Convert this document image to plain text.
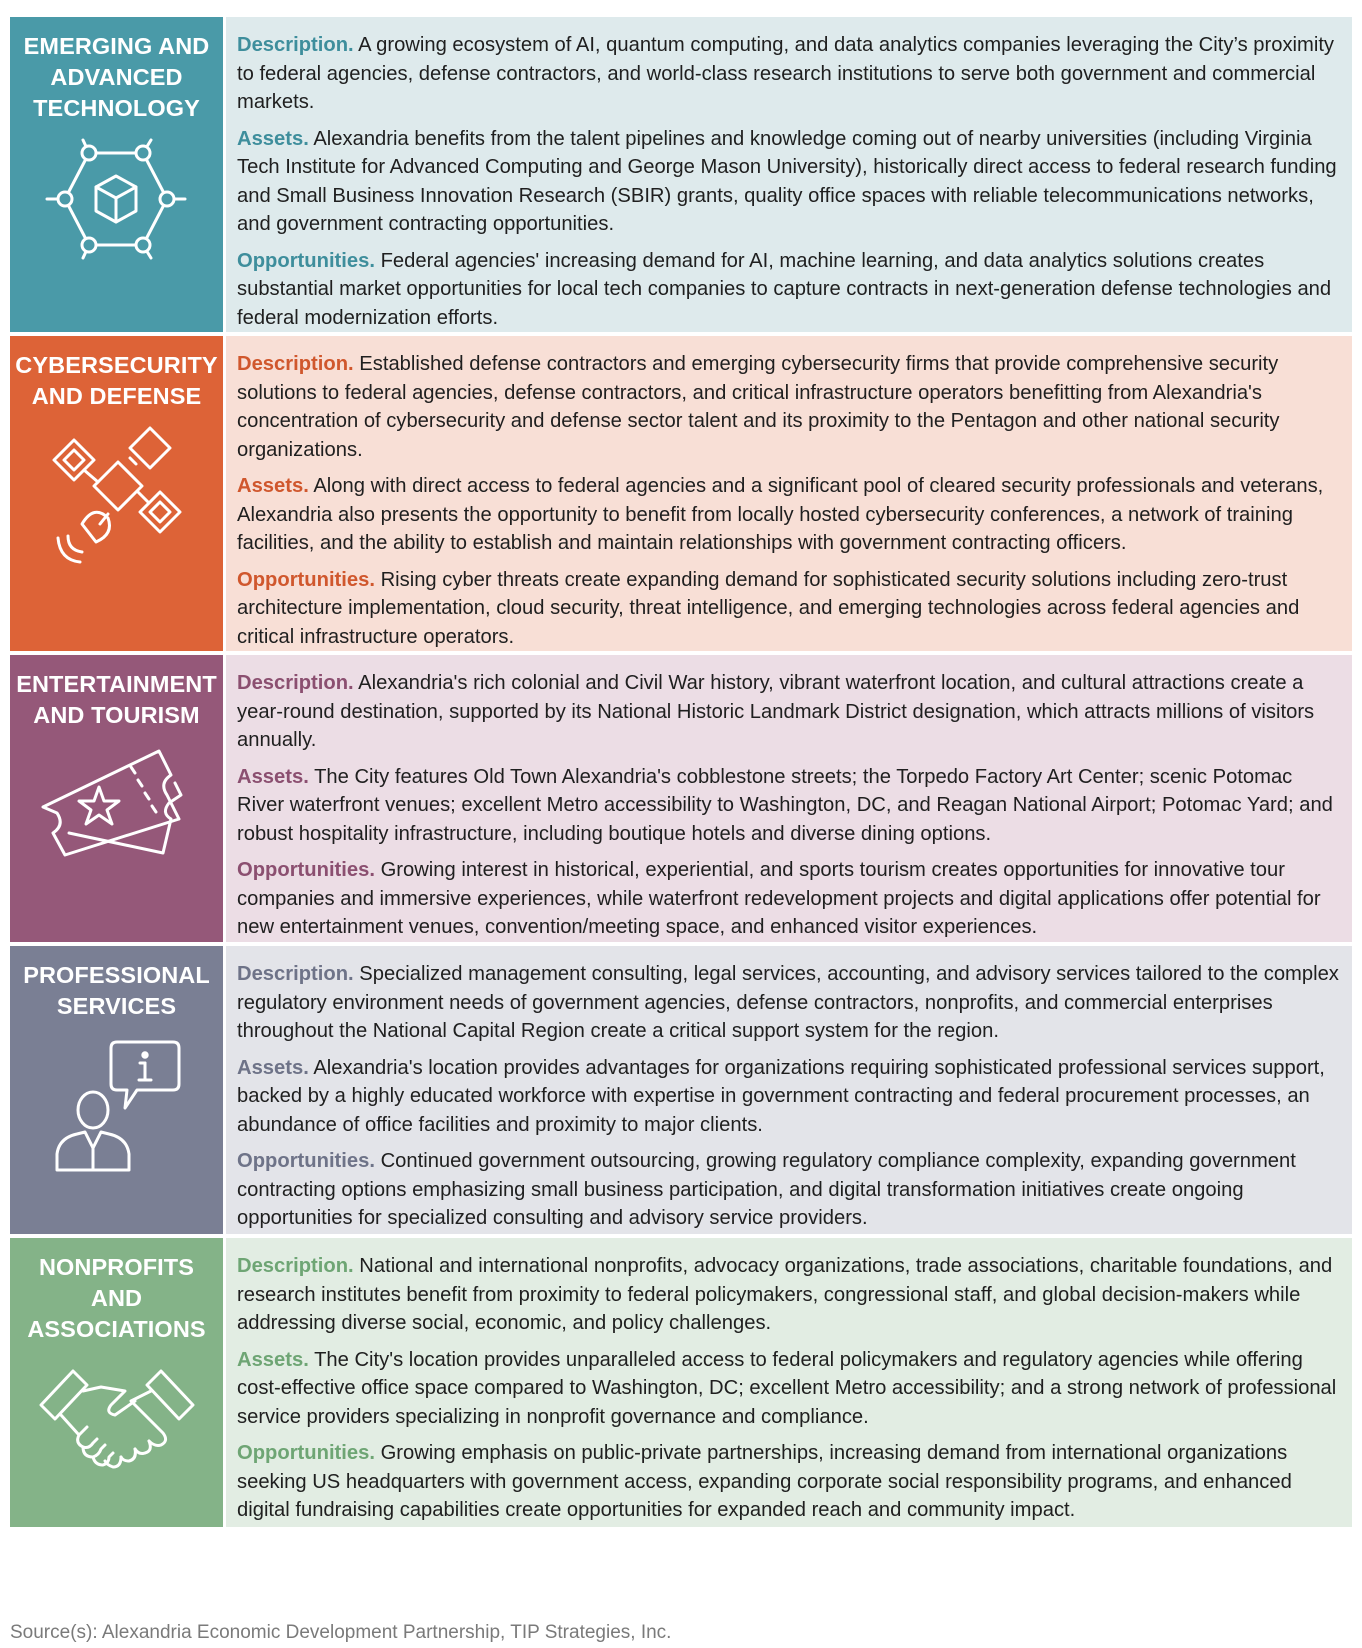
EMERGING AND
ADVANCED
TECHNOLOGY

Description. A growing ecosystem of AI, quantum computing, and data analytics companies leveraging the City’s proximity to federal agencies, defense contractors, and world-class research institutions to serve both government and commercial markets.

Assets. Alexandria benefits from the talent pipelines and knowledge coming out of nearby universities (including Virginia Tech Institute for Advanced Computing and George Mason University), historically direct access to federal research funding and Small Business Innovation Research (SBIR) grants, quality office spaces with reliable telecommunications networks, and government contracting opportunities.

Opportunities. Federal agencies' increasing demand for AI, machine learning, and data analytics solutions creates substantial market opportunities for local tech companies to capture contracts in next-generation defense technologies and federal modernization efforts.

CYBERSECURITY
AND DEFENSE

Description. Established defense contractors and emerging cybersecurity firms that provide comprehensive security solutions to federal agencies, defense contractors, and critical infrastructure operators benefitting from Alexandria's concentration of cybersecurity and defense sector talent and its proximity to the Pentagon and other national security organizations.

Assets. Along with direct access to federal agencies and a significant pool of cleared security professionals and veterans, Alexandria also presents the opportunity to benefit from locally hosted cybersecurity conferences, a network of training facilities, and the ability to establish and maintain relationships with government contracting officers.

Opportunities. Rising cyber threats create expanding demand for sophisticated security solutions including zero-trust architecture implementation, cloud security, threat intelligence, and emerging technologies across federal agencies and critical infrastructure operators.

ENTERTAINMENT
AND TOURISM

Description. Alexandria's rich colonial and Civil War history, vibrant waterfront location, and cultural attractions create a year-round destination, supported by its National Historic Landmark District designation, which attracts millions of visitors annually.

Assets. The City features Old Town Alexandria's cobblestone streets; the Torpedo Factory Art Center; scenic Potomac River waterfront venues; excellent Metro accessibility to Washington, DC, and Reagan National Airport; Potomac Yard; and robust hospitality infrastructure, including boutique hotels and diverse dining options.

Opportunities. Growing interest in historical, experiential, and sports tourism creates opportunities for innovative tour companies and immersive experiences, while waterfront redevelopment projects and digital applications offer potential for new entertainment venues, convention/meeting space, and enhanced visitor experiences.

PROFESSIONAL
SERVICES

Description. Specialized management consulting, legal services, accounting, and advisory services tailored to the complex regulatory environment needs of government agencies, defense contractors, nonprofits, and commercial enterprises throughout the National Capital Region create a critical support system for the region.

Assets. Alexandria's location provides advantages for organizations requiring sophisticated professional services support, backed by a highly educated workforce with expertise in government contracting and federal procurement processes, an abundance of office facilities and proximity to major clients.

Opportunities. Continued government outsourcing, growing regulatory compliance complexity, expanding government contracting options emphasizing small business participation, and digital transformation initiatives create ongoing opportunities for specialized consulting and advisory service providers.

NONPROFITS AND
ASSOCIATIONS

Description. National and international nonprofits, advocacy organizations, trade associations, charitable foundations, and research institutes benefit from proximity to federal policymakers, congressional staff, and global decision-makers while addressing diverse social, economic, and policy challenges.

Assets. The City's location provides unparalleled access to federal policymakers and regulatory agencies while offering cost-effective office space compared to Washington, DC; excellent Metro accessibility; and a strong network of professional service providers specializing in nonprofit governance and compliance.

Opportunities. Growing emphasis on public-private partnerships, increasing demand from international organizations seeking US headquarters with government access, expanding corporate social responsibility programs, and enhanced digital fundraising capabilities create opportunities for expanded reach and community impact.

Source(s): Alexandria Economic Development Partnership, TIP Strategies, Inc.
